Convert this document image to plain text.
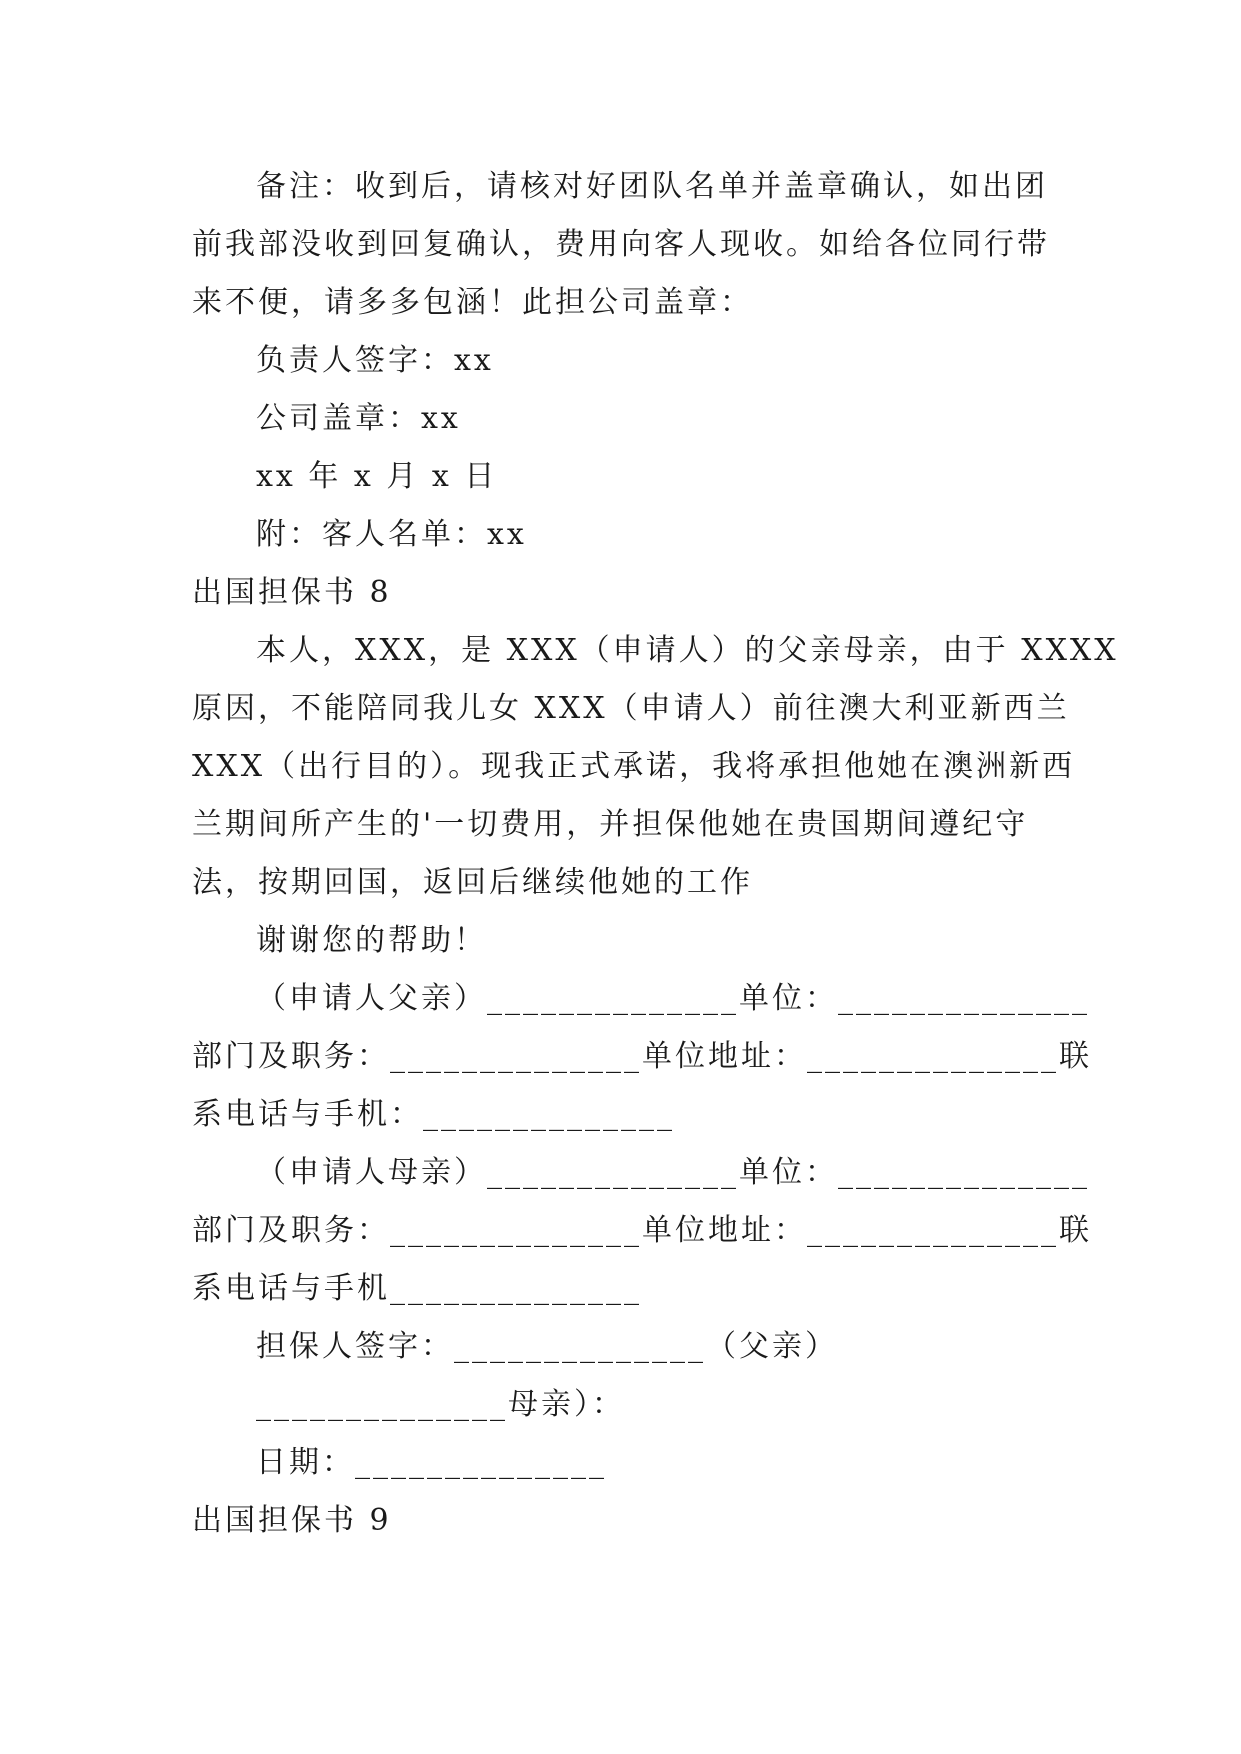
备注：收到后，请核对好团队名单并盖章确认，如出团
前我部没收到回复确认，费用向客人现收。如给各位同行带
来不便，请多多包涵！此担公司盖章：
负责人签字：xx
公司盖章：xx
xx 年 x 月 x 日
附：客人名单：xx
出国担保书 8
本人，XXX，是 XXX（申请人）的父亲母亲，由于 XXXX
原因，不能陪同我儿女 XXX（申请人）前往澳大利亚新西兰
XXX（出行目的）。现我正式承诺，我将承担他她在澳洲新西
兰期间所产生的'一切费用，并担保他她在贵国期间遵纪守
法，按期回国，返回后继续他她的工作
谢谢您的帮助！
（申请人父亲）______________单位：______________
部门及职务：______________单位地址：______________联
系电话与手机：______________
（申请人母亲）______________单位：______________
部门及职务：______________单位地址：______________联
系电话与手机______________
担保人签字：______________（父亲）
______________母亲）：
日期：______________
出国担保书 9
